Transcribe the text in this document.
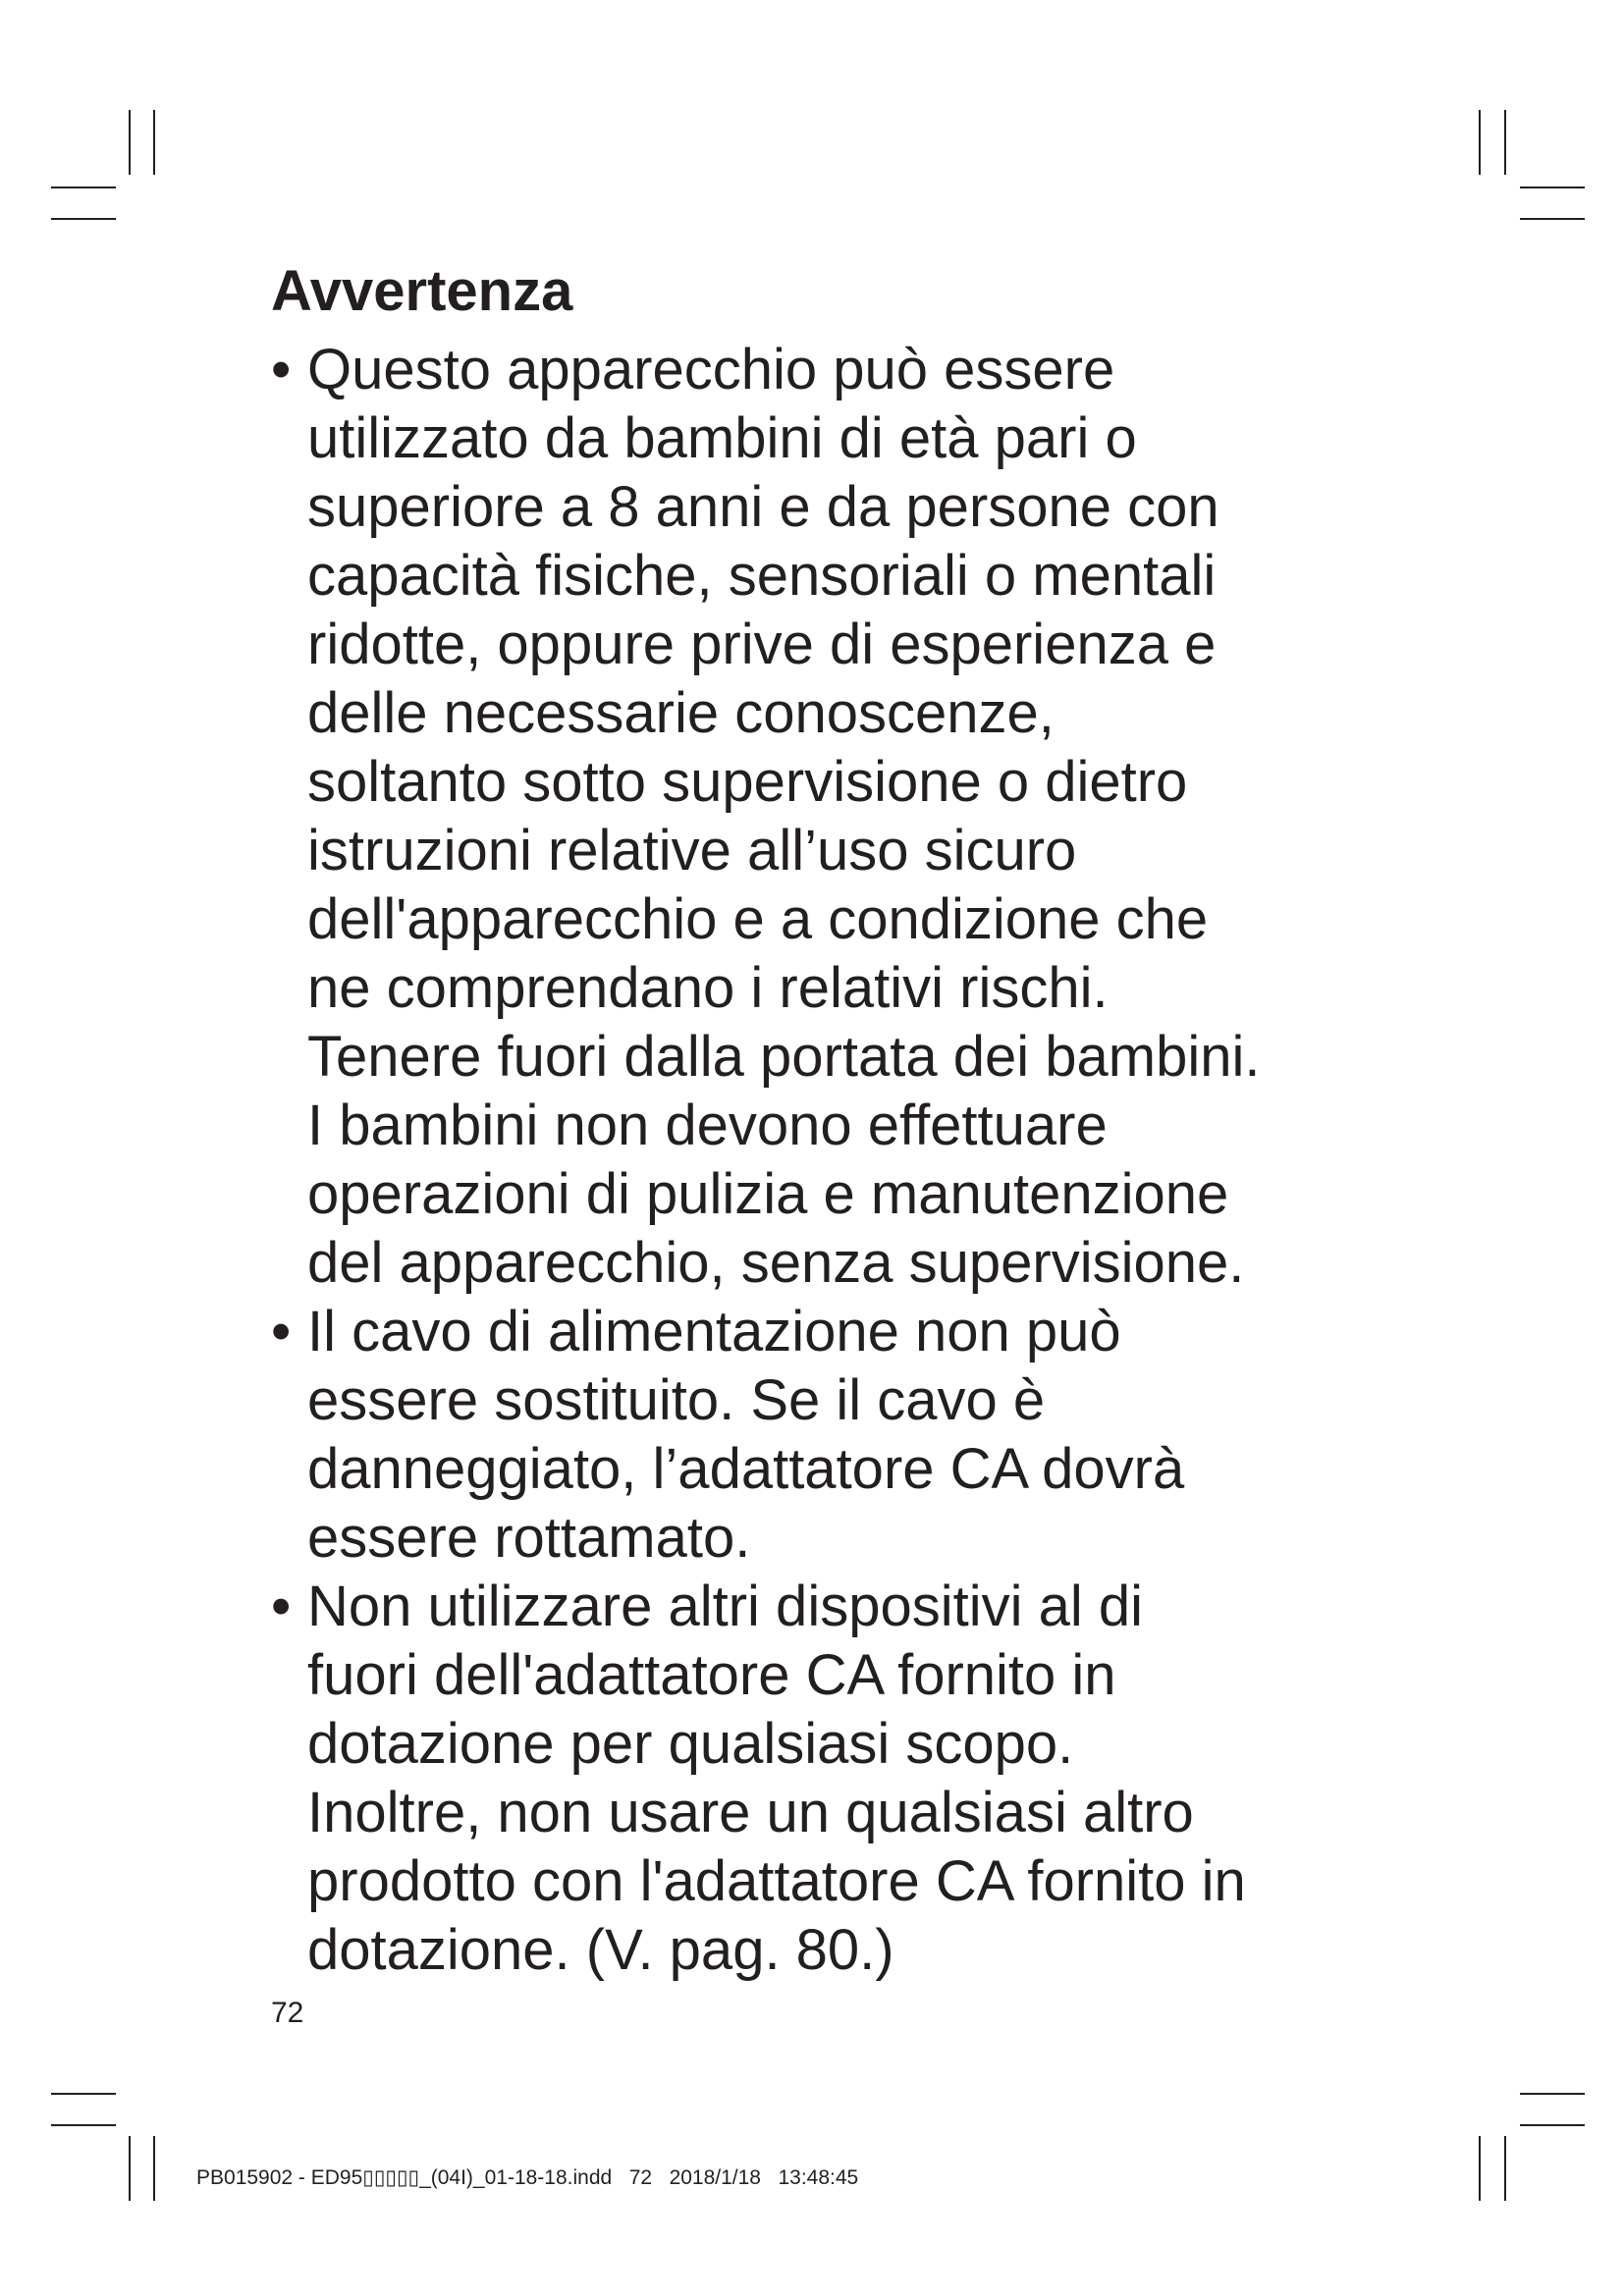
Avvertenza
• Questo apparecchio può essere
utilizzato da bambini di età pari o
superiore a 8 anni e da persone con
capacità fisiche, sensoriali o mentali
ridotte, oppure prive di esperienza e
delle necessarie conoscenze,
soltanto sotto supervisione o dietro
istruzioni relative all’uso sicuro
dell'apparecchio e a condizione che
ne comprendano i relativi rischi.
Tenere fuori dalla portata dei bambini.
I bambini non devono effettuare
operazioni di pulizia e manutenzione
del apparecchio, senza supervisione.
• Il cavo di alimentazione non può
essere sostituito. Se il cavo è
danneggiato, l’adattatore CA dovrà
essere rottamato.
• Non utilizzare altri dispositivi al di
fuori dell'adattatore CA fornito in
dotazione per qualsiasi scopo.
Inoltre, non usare un qualsiasi altro
prodotto con l'adattatore CA fornito in
dotazione. (V. pag. 80.)
72
PB015902 - ED95▯▯▯▯▯_(04I)_01-18-18.indd   72   2018/1/18   13:48:45
